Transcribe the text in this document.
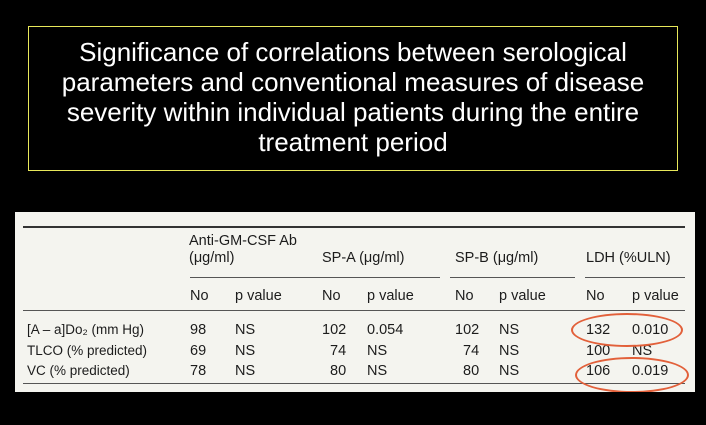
Significance of correlations between serological
parameters and conventional measures of disease
severity within individual patients during the entire
treatment period
Anti-GM-CSF Ab
(μg/ml)	SP-A (μg/ml)	SP-B (μg/ml)	LDH (%ULN)
No p value	No p value	No p value	No p value
[A – a]Do₂ (mm Hg)	98 NS	102 0.054	102 NS	132 0.010
TLCO (% predicted)	69 NS	74 NS	74 NS	100 NS
VC (% predicted)	78 NS	80 NS	80 NS	106 0.019
